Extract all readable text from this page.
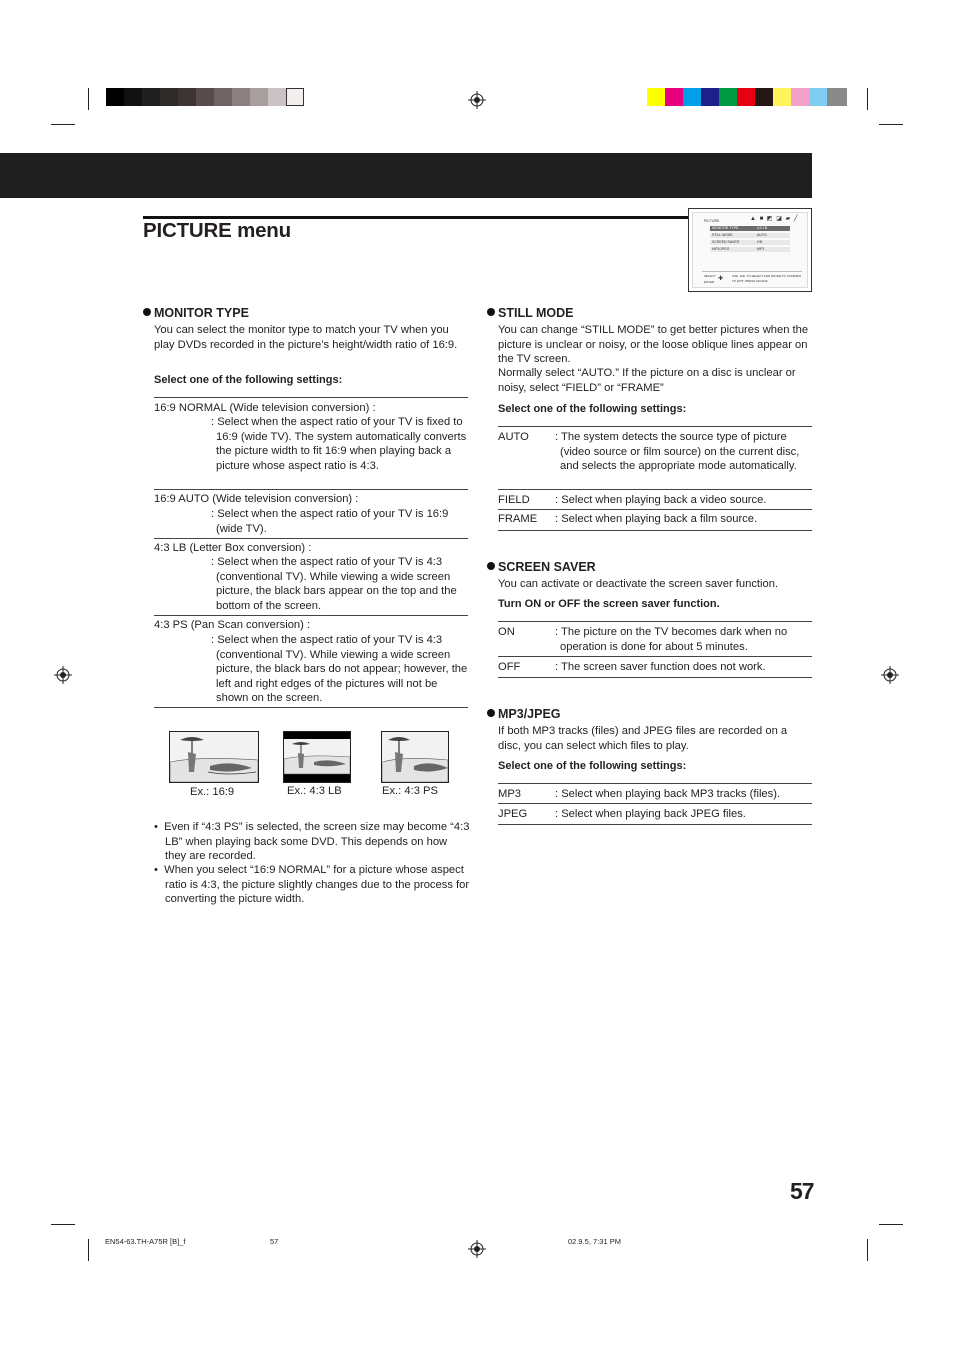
PICTURE menu	▲ ■ ◩ ◪ ▰ ╱
PICTURE
MONITOR TYPE	4:3 LB
STILL MODE	AUTO
SCREEN SAVER	ON
MP3/JPEG	MP3
SELECT
ENTER ✚	USE ◄/► TO SELECT AND ENTER TO CONFIRM
TO EXIT, PRESS CHOICE
MONITOR TYPE
You can select the monitor type to match your TV when you play DVDs recorded in the picture’s height/width ratio of 16:9.
Select one of the following settings:
16:9 NORMAL (Wide television conversion) :
: Select when the aspect ratio of your TV is fixed to 16:9 (wide TV). The system automatically converts the picture width to fit 16:9 when playing back a picture whose aspect ratio is 4:3.
16:9 AUTO (Wide television conversion) :
: Select when the aspect ratio of your TV is 16:9 (wide TV).
4:3 LB (Letter Box conversion) :
: Select when the aspect ratio of your TV is 4:3 (conventional TV). While viewing a wide screen picture, the black bars appear on the top and the bottom of the screen.
4:3 PS (Pan Scan conversion) :
: Select when the aspect ratio of your TV is 4:3 (conventional TV). While viewing a wide screen picture, the black bars do not appear; however, the left and right edges of the pictures will not be shown on the screen.
Ex.: 16:9	Ex.: 4:3 LB	Ex.: 4:3 PS
•  Even if “4:3 PS” is selected, the screen size may become “4:3 LB” when playing back some DVD. This depends on how they are recorded.
•  When you select “16:9 NORMAL” for a picture whose aspect ratio is 4:3, the picture slightly changes due to the process for converting the picture width.
STILL MODE
You can change “STILL MODE” to get better pictures when the picture is unclear or noisy, or the loose oblique lines appear on the TV screen.
Normally select “AUTO.” If the picture on a disc is unclear or noisy, select “FIELD” or “FRAME”
Select one of the following settings:
AUTO : The system detects the source type of picture (video source or film source) on the current disc, and selects the appropriate mode automatically.
FIELD : Select when playing back a video source.
FRAME : Select when playing back a film source.
SCREEN SAVER
You can activate or deactivate the screen saver function.
Turn ON or OFF the screen saver function.
ON	: The picture on the TV becomes dark when no operation is done for about 5 minutes.
OFF	: The screen saver function does not work.
MP3/JPEG
If both MP3 tracks (files) and JPEG files are recorded on a disc, you can select which files to play.
Select one of the following settings:
MP3	: Select when playing back MP3 tracks (files).
JPEG : Select when playing back JPEG files.
57
EN54-63.TH-A75R [B]_f	57	02.9.5, 7:31 PM
